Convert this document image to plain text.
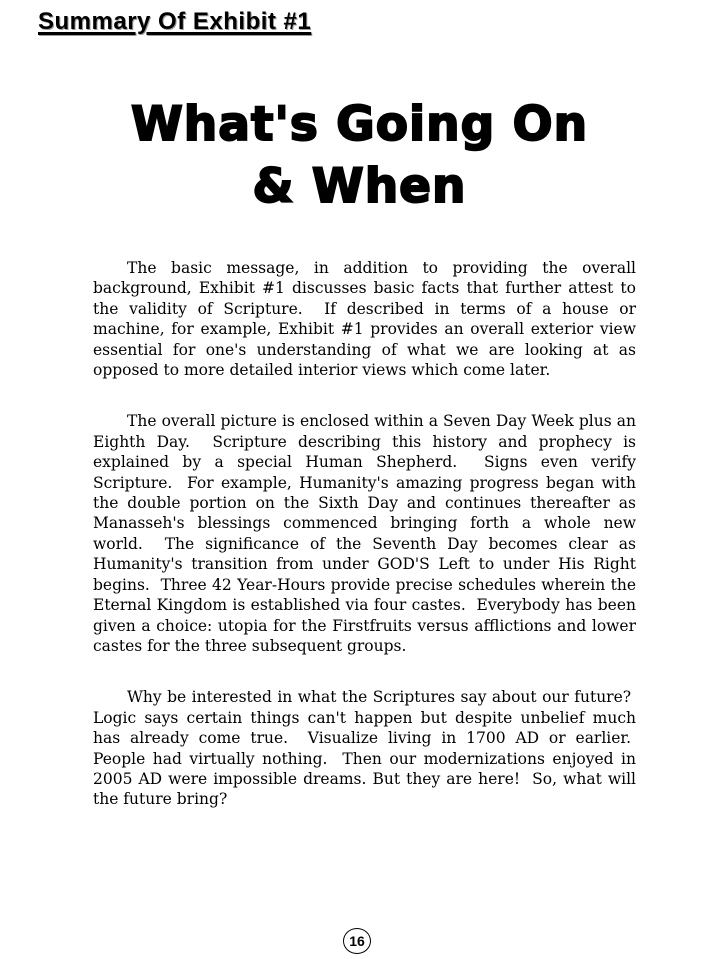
Summary Of Exhibit #1
What's Going On
& When

The basic message, in addition to providing the overall background, Exhibit #1 discusses basic facts that further attest to the validity of Scripture.  If described in terms of a house or machine, for example, Exhibit #1 provides an overall exterior view essential for one's understanding of what we are looking at as opposed to more detailed interior views which come later.

The overall picture is enclosed within a Seven Day Week plus an Eighth Day.  Scripture describing this history and prophecy is explained by a special Human Shepherd.  Signs even verify Scripture.  For example, Humanity's amazing progress began with the double portion on the Sixth Day and continues thereafter as Manasseh's blessings commenced bringing forth a whole new world.  The significance of the Seventh Day becomes clear as Humanity's transition from under GOD'S Left to under His Right begins.  Three 42 Year-Hours provide precise schedules wherein the Eternal Kingdom is established via four castes.  Everybody has been given a choice: utopia for the Firstfruits versus afflictions and lower castes for the three subsequent groups.

Why be interested in what the Scriptures say about our future?  Logic says certain things can't happen but despite unbelief much has already come true.  Visualize living in 1700 AD or earlier.  People had virtually nothing.  Then our modernizations enjoyed in 2005 AD were impossible dreams. But they are here!  So, what will the future bring?

16
